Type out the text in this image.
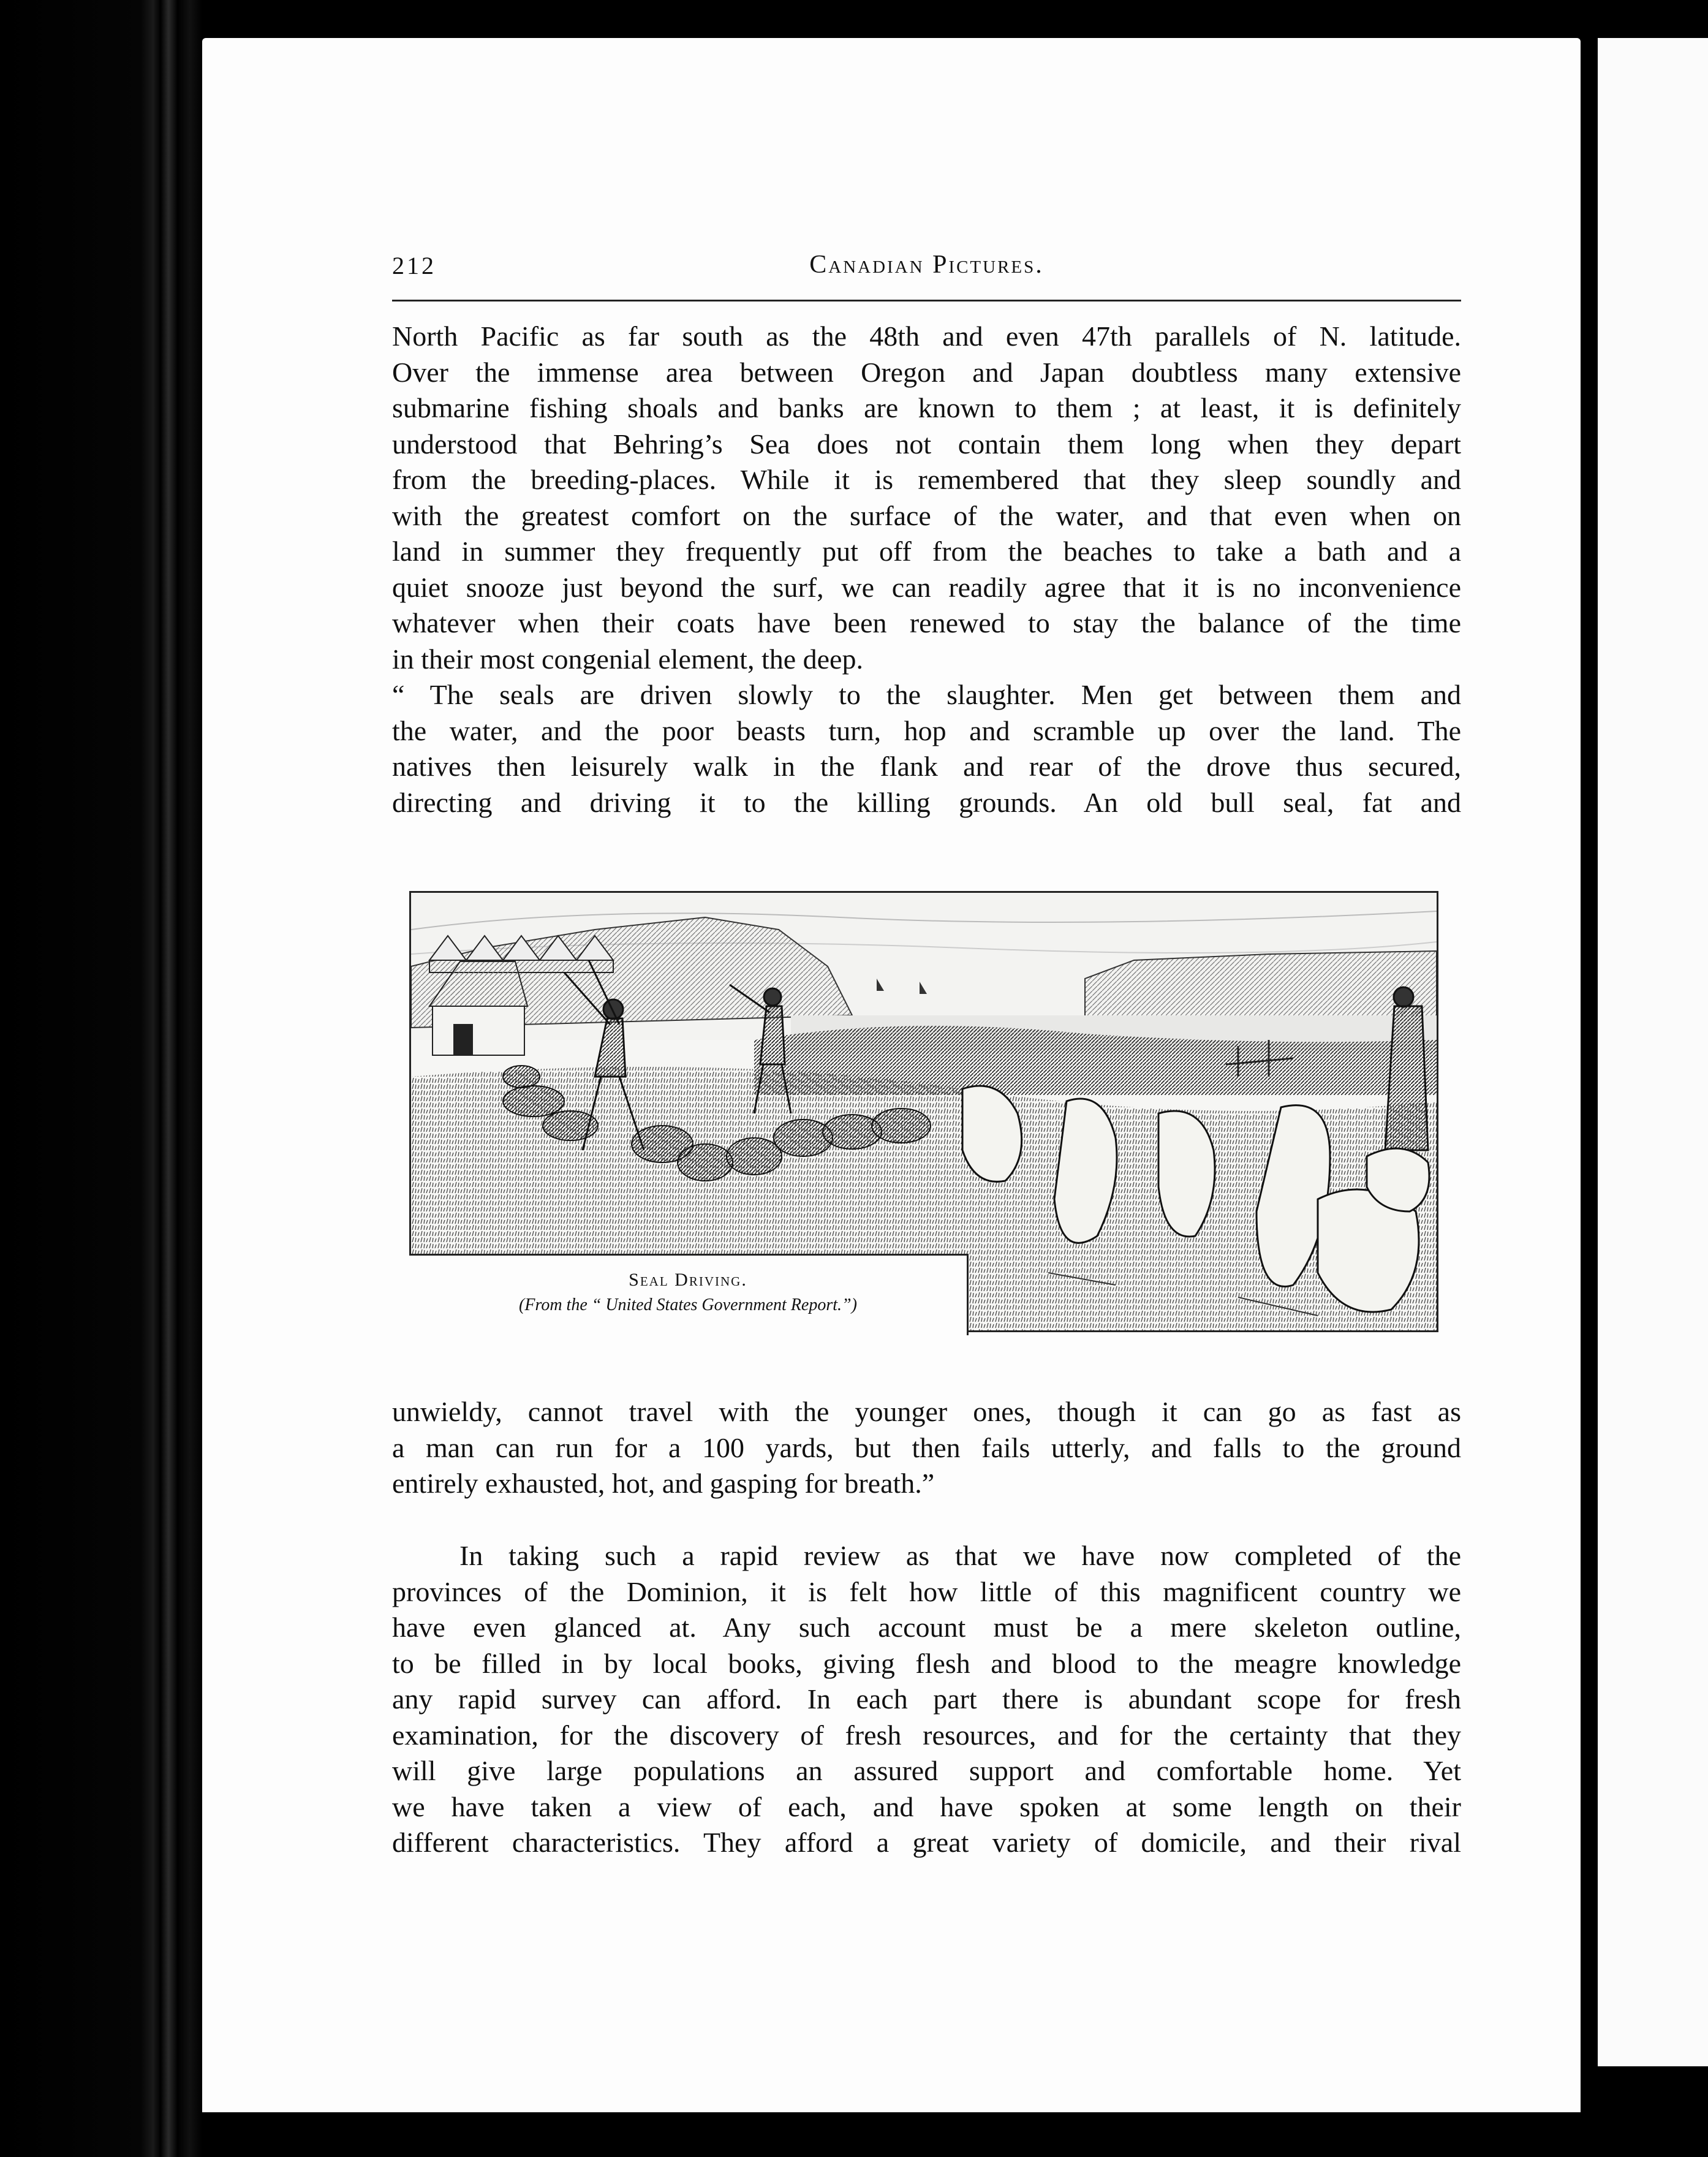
212	Canadian Pictures.
North Pacific as far south as the 48th and even 47th parallels of N. latitude.
Over the immense area between Oregon and Japan doubtless many extensive
submarine fishing shoals and banks are known to them ; at least, it is definitely
understood that Behring’s Sea does not contain them long when they depart
from the breeding-places. While it is remembered that they sleep soundly and
with the greatest comfort on the surface of the water, and that even when on
land in summer they frequently put off from the beaches to take a bath and a
quiet snooze just beyond the surf, we can readily agree that it is no inconvenience
whatever when their coats have been renewed to stay the balance of the time
in their most congenial element, the deep.
“ The seals are driven slowly to the slaughter. Men get between them and
the water, and the poor beasts turn, hop and scramble up over the land. The
natives then leisurely walk in the flank and rear of the drove thus secured,
directing and driving it to the killing grounds. An old bull seal, fat and
Seal Driving.
(From the “ United States Government Report.”)
unwieldy, cannot travel with the younger ones, though it can go as fast as
a man can run for a 100 yards, but then fails utterly, and falls to the ground
entirely exhausted, hot, and gasping for breath.”
In taking such a rapid review as that we have now completed of the
provinces of the Dominion, it is felt how little of this magnificent country we
have even glanced at. Any such account must be a mere skeleton outline,
to be filled in by local books, giving flesh and blood to the meagre knowledge
any rapid survey can afford. In each part there is abundant scope for fresh
examination, for the discovery of fresh resources, and for the certainty that they
will give large populations an assured support and comfortable home. Yet
we have taken a view of each, and have spoken at some length on their
different characteristics. They afford a great variety of domicile, and their rival
